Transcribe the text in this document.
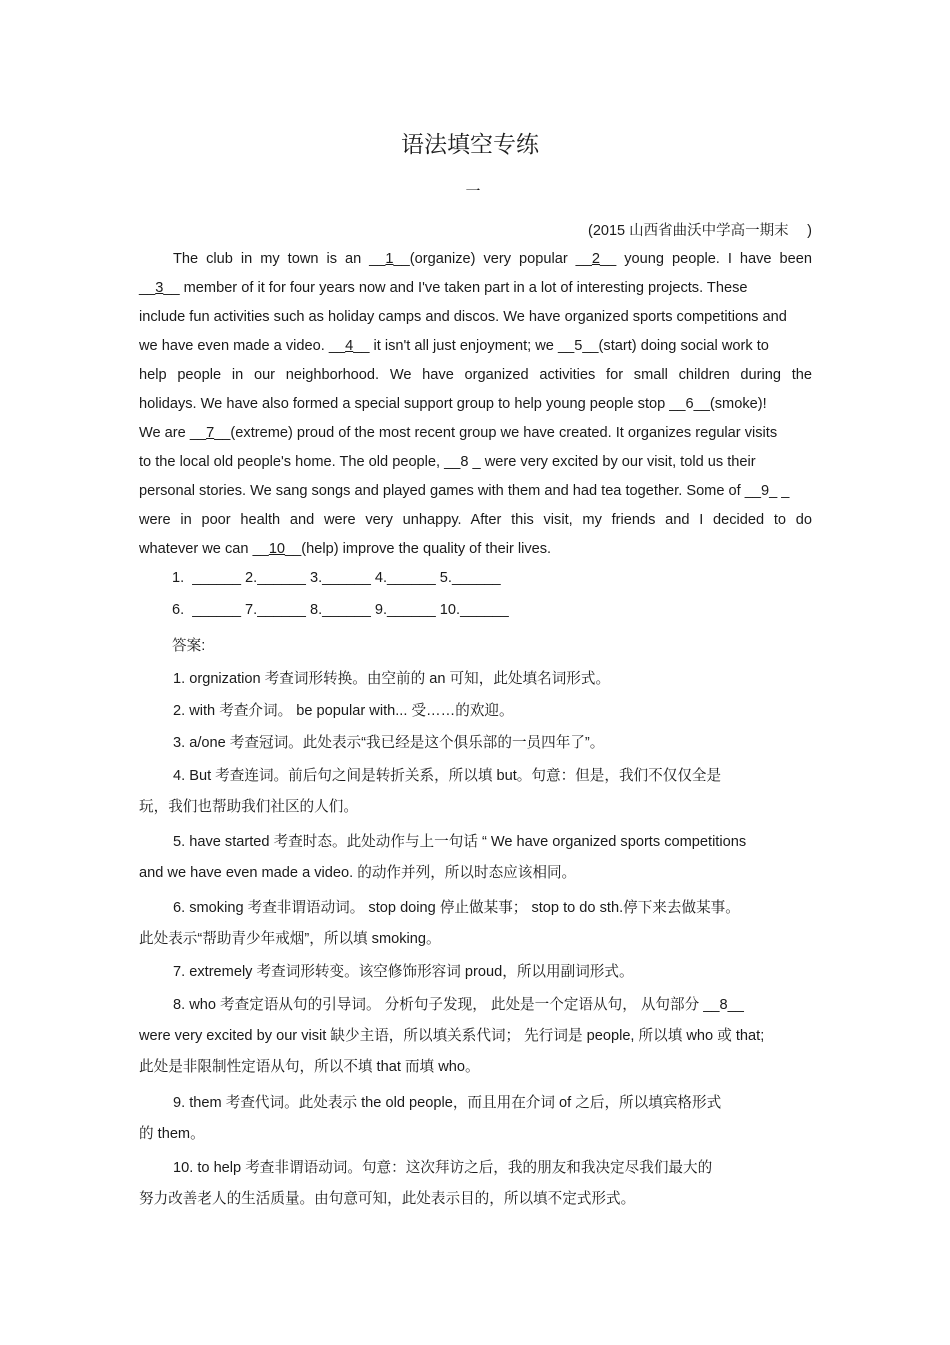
语法填空专练
一
(2015 山西省曲沃中学高一期末　 )
The club in my town is an __1__(organize) very popular __2__ young people. I have been
__3__ member of it for four years now and I've taken part in a lot of interesting projects. These
include fun activities such as holiday camps and discos. We have organized sports competitions and
we have even made a video. __4__ it isn't all just enjoyment; we __5__(start) doing social work to
help people in our neighborhood. We have organized activities for small children during the
holidays. We have also formed a special support group to help young people stop __6__(smoke)!
We are __7__(extreme) proud of the most recent group we have created. It organizes regular visits
to the local old people's home. The old people, __8 _ were very excited by our visit, told us their
personal stories. We sang songs and played games with them and had tea together. Some of __9_ _
were in poor health and were very unhappy. After this visit, my friends and I decided to do
whatever we can __10__(help) improve the quality of their lives.
1.  ______ 2.______ 3.______ 4.______ 5.______
6.  ______ 7.______ 8.______ 9.______ 10.______
答案:
1. orgnization 考查词形转换。由空前的 an 可知，此处填名词形式。
2. with 考查介词。 be popular with... 受……的欢迎。
3. a/one 考查冠词。此处表示“我已经是这个俱乐部的一员四年了”。
4. But 考查连词。前后句之间是转折关系，所以填 but。句意：但是，我们不仅仅全是
玩，我们也帮助我们社区的人们。
5. have started 考查时态。此处动作与上一句话 “ We have organized sports competitions
and we have even made a video. 的动作并列，所以时态应该相同。
6. smoking 考查非谓语动词。 stop doing 停止做某事； stop to do sth.停下来去做某事。
此处表示“帮助青少年戒烟”，所以填 smoking。
7. extremely 考查词形转变。该空修饰形容词 proud，所以用副词形式。
8. who 考查定语从句的引导词。 分析句子发现， 此处是一个定语从句， 从句部分 __8__
were very excited by our visit 缺少主语，所以填关系代词； 先行词是 people, 所以填 who 或 that;
此处是非限制性定语从句，所以不填 that 而填 who。
9. them 考查代词。此处表示 the old people，而且用在介词 of 之后，所以填宾格形式
的 them。
10. to help 考查非谓语动词。句意：这次拜访之后，我的朋友和我决定尽我们最大的
努力改善老人的生活质量。由句意可知，此处表示目的，所以填不定式形式。
